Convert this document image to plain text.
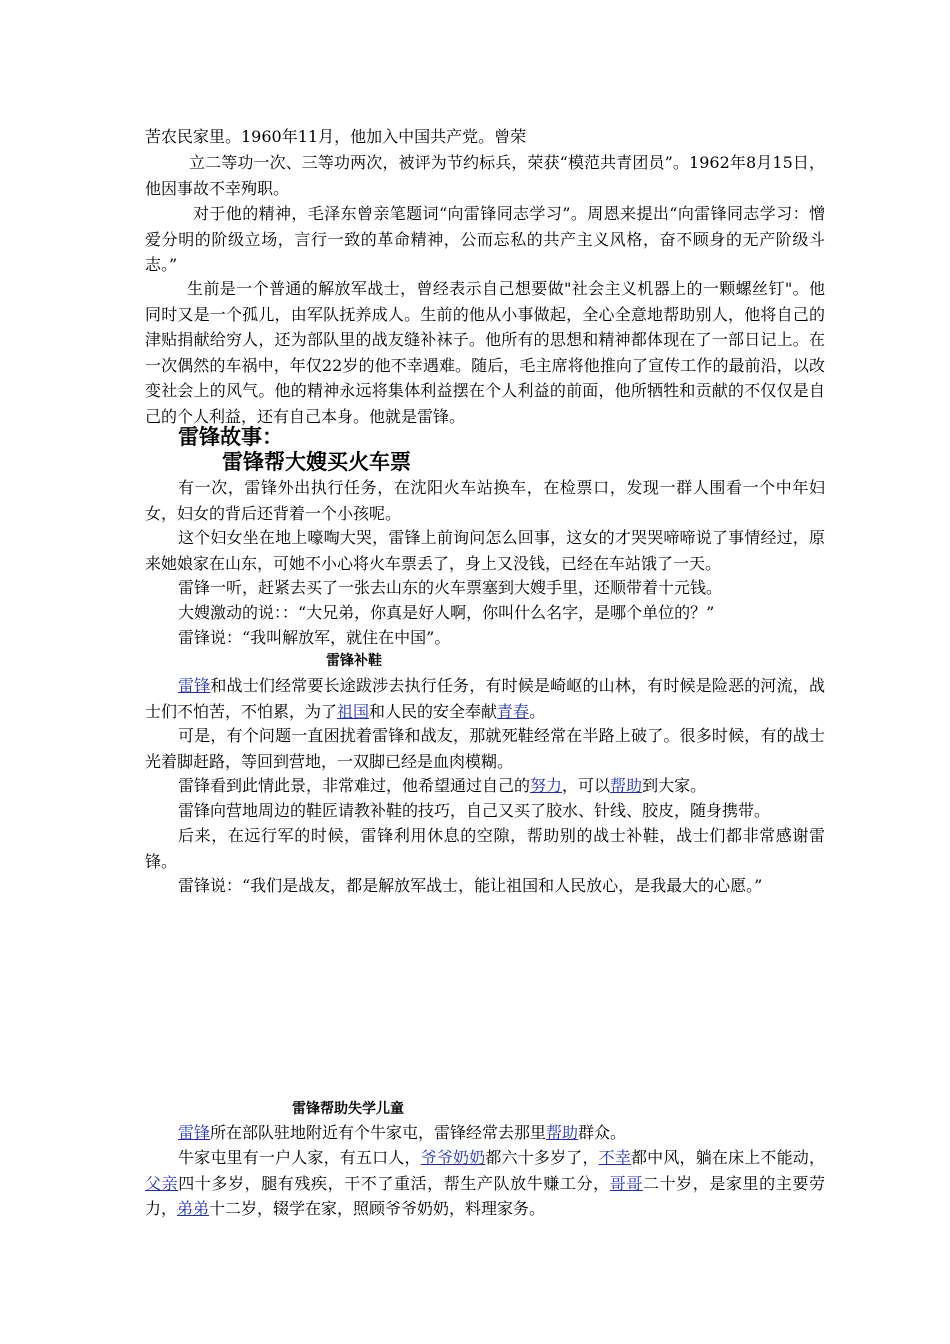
苦农民家里。1960年11月，他加入中国共产党。曾荣
立二等功一次、三等功两次，被评为节约标兵，荣获“模范共青团员”。1962年8月15日，他因事故不幸殉职。
对于他的精神，毛泽东曾亲笔题词“向雷锋同志学习”。周恩来提出“向雷锋同志学习：憎爱分明的阶级立场，言行一致的革命精神，公而忘私的共产主义风格，奋不顾身的无产阶级斗志。”
生前是一个普通的解放军战士，曾经表示自己想要做"社会主义机器上的一颗螺丝钉"。他同时又是一个孤儿，由军队抚养成人。生前的他从小事做起，全心全意地帮助别人，他将自己的津贴捐献给穷人，还为部队里的战友缝补袜子。他所有的思想和精神都体现在了一部日记上。在一次偶然的车祸中，年仅22岁的他不幸遇难。随后，毛主席将他推向了宣传工作的最前沿，以改变社会上的风气。他的精神永远将集体利益摆在个人利益的前面，他所牺牲和贡献的不仅仅是自己的个人利益，还有自己本身。他就是雷锋。
雷锋故事：
雷锋帮大嫂买火车票
有一次，雷锋外出执行任务，在沈阳火车站换车，在检票口，发现一群人围看一个中年妇女，妇女的背后还背着一个小孩呢。
这个妇女坐在地上嚎啕大哭，雷锋上前询问怎么回事，这女的才哭哭啼啼说了事情经过，原来她娘家在山东，可她不小心将火车票丢了，身上又没钱，已经在车站饿了一天。
雷锋一听，赶紧去买了一张去山东的火车票塞到大嫂手里，还顺带着十元钱。
大嫂激动的说：：“大兄弟，你真是好人啊，你叫什么名字，是哪个单位的？”
雷锋说：“我叫解放军，就住在中国”。
雷锋补鞋
雷锋和战士们经常要长途跋涉去执行任务，有时候是崎岖的山林，有时候是险恶的河流，战士们不怕苦，不怕累，为了祖国和人民的安全奉献青春。
可是，有个问题一直困扰着雷锋和战友，那就死鞋经常在半路上破了。很多时候，有的战士光着脚赶路，等回到营地，一双脚已经是血肉模糊。
雷锋看到此情此景，非常难过，他希望通过自己的努力，可以帮助到大家。
雷锋向营地周边的鞋匠请教补鞋的技巧，自己又买了胶水、针线、胶皮，随身携带。
后来，在远行军的时候，雷锋利用休息的空隙，帮助别的战士补鞋，战士们都非常感谢雷锋。
雷锋说：“我们是战友，都是解放军战士，能让祖国和人民放心，是我最大的心愿。”
雷锋帮助失学儿童
雷锋所在部队驻地附近有个牛家屯，雷锋经常去那里帮助群众。
牛家屯里有一户人家，有五口人，爷爷奶奶都六十多岁了，不幸都中风，躺在床上不能动，父亲四十多岁，腿有残疾，干不了重活，帮生产队放牛赚工分，哥哥二十岁，是家里的主要劳力，弟弟十二岁，辍学在家，照顾爷爷奶奶，料理家务。
